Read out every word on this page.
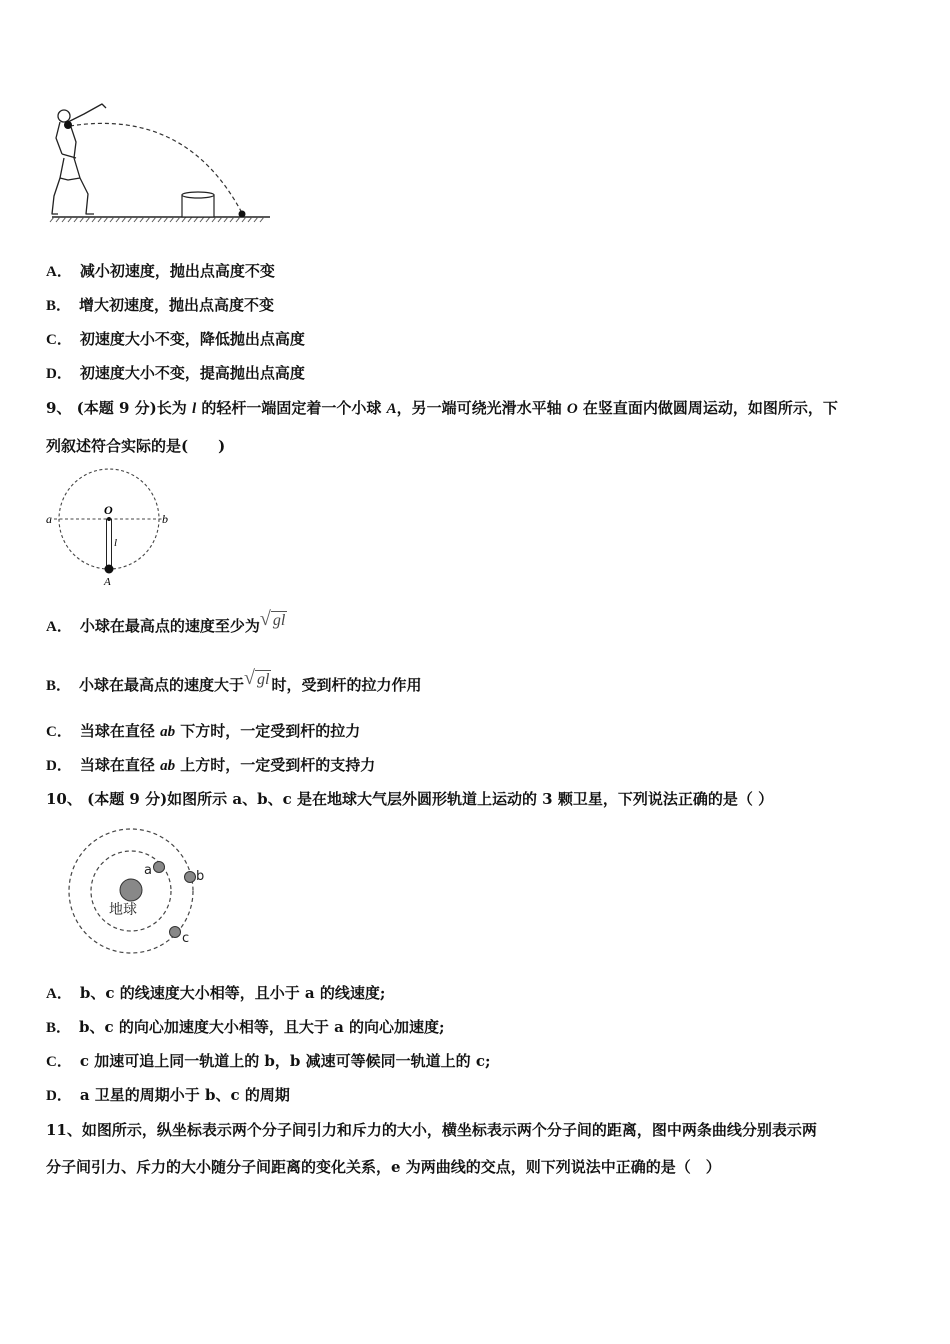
A． 减小初速度，抛出点高度不变
B． 增大初速度，抛出点高度不变
C． 初速度大小不变，降低抛出点高度
D． 初速度大小不变，提高抛出点高度
9、 (本题 9 分)长为 l 的轻杆一端固定着一个小球 A，另一端可绕光滑水平轴 O 在竖直面内做圆周运动，如图所示，下
列叙述符合实际的是(　　)
a	b
O
l
A
A． 小球在最高点的速度至少为√ gl
B． 小球在最高点的速度大于√ gl 时，受到杆的拉力作用
C． 当球在直径 ab 下方时，一定受到杆的拉力
D． 当球在直径 ab 上方时，一定受到杆的支持力
10、 (本题 9 分)如图所示 a、b、c 是在地球大气层外圆形轨道上运动的 3 颗卫星，下列说法正确的是（ ）
地球
a	b
c
A． b、c 的线速度大小相等，且小于 a 的线速度;
B． b、c 的向心加速度大小相等，且大于 a 的向心加速度;
C． c 加速可追上同一轨道上的 b，b 减速可等候同一轨道上的 c;
D． a 卫星的周期小于 b、c 的周期
11、如图所示，纵坐标表示两个分子间引力和斥力的大小，横坐标表示两个分子间的距离，图中两条曲线分别表示两
分子间引力、斥力的大小随分子间距离的变化关系，e 为两曲线的交点，则下列说法中正确的是（　）
